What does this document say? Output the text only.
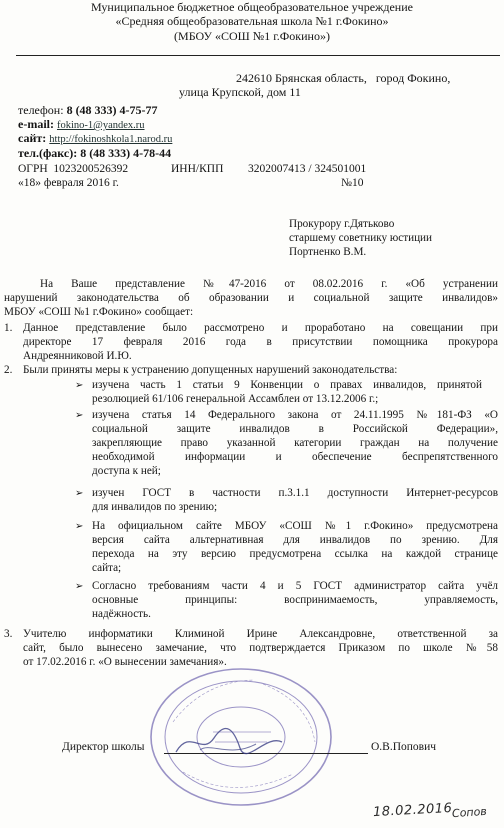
Муниципальное бюджетное общеобразовательное учреждение
«Средняя общеобразовательная школа №1 г.Фокино»
(МБОУ «СОШ №1 г.Фокино»)
242610 Брянская область,   город Фокино,
улица Крупской, дом 11
телефон: 8 (48 333) 4-75-77
e-mail: fokino-1@yandex.ru
сайт: http://fokinoshkola1.narod.ru
тел.(факс): 8 (48 333) 4-78-44
ОГРН  1023200526392	ИНН/КПП 3202007413 / 324501001
«18» февраля 2016 г.	№10
Прокурору г.Дятьково
старшему советнику юстиции
Портненко В.М.
На Ваше представление №47-2016 от 08.02.2016 г. «Об устранении
нарушений законодательства об образовании и социальной защите инвалидов»
МБОУ «СОШ №1 г.Фокино» сообщает:
1. Данное представление было рассмотрено и проработано на совещании при
директоре 17 февраля 2016 года в присутствии помощника прокурора
Андреянниковой И.Ю.
2. Были приняты меры к устранению допущенных нарушений законодательства:
➢ изучена часть 1 статьи 9 Конвенции о правах инвалидов, принятой
резолюцией 61/106 генеральной Ассамблеи от 13.12.2006 г.;
➢ изучена статья 14 Федерального закона от 24.11.1995 №181-ФЗ «О
социальной   защите   инвалидов   в   Российской   Федерации»,
закрепляющие право указанной категории граждан на получение
необходимой    информации    и    обеспечение    беспрепятственного
доступа к ней;
➢ изучен ГОСТ в частности п.3.1.1 доступности Интернет-ресурсов
для инвалидов по зрению;
➢ На официальном сайте МБОУ «СОШ №1 г.Фокино» предусмотрена
версия сайта альтернативная для инвалидов по зрению. Для
перехода на эту версию предусмотрена ссылка на каждой странице
сайта;
➢ Согласно требованиям части 4 и 5 ГОСТ администратор сайта учёл
основные     принципы:     воспринимаемость,     управляемость,
надёжность.
3. Учителю информатики Климиной Ирине Александровне, ответственной за
сайт, было вынесено замечание, что подтверждается Приказом по школе №58
от 17.02.2016 г. «О вынесении замечания».
Директор школы	О.В.Попович
18.02.2016
Сопов
